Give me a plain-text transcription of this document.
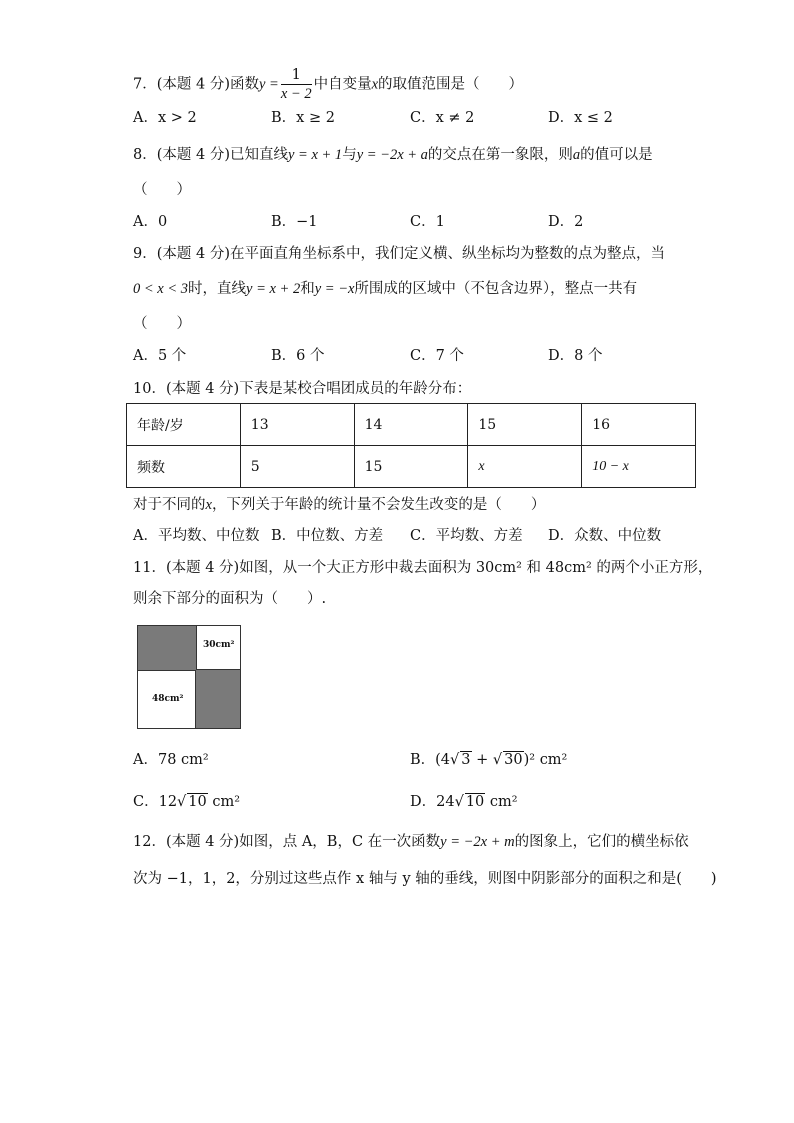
7．(本题 4 分)函数$y = \frac{1}{x - 2}$ 中自变量x的取值范围是（　　）
A．x > 2	B．x ≥ 2	C．x ≠ 2	D．x ≤ 2
8．(本题 4 分)已知直线y = x + 1与y = −2x + a的交点在第一象限，则a的值可以是
（　　）
A．0	B．−1	C．1	D．2
9．(本题 4 分)在平面直角坐标系中，我们定义横、纵坐标均为整数的点为整点，当
0 < x < 3时，直线y = x + 2和y = −x所围成的区域中（不包含边界），整点一共有
（　　）
A．5 个	B．6 个	C．7 个	D．8 个
10．(本题 4 分)下表是某校合唱团成员的年龄分布：
年龄/岁	13	14	15	16
频数	5	15	x	10 − x
对于不同的x，下列关于年龄的统计量不会发生改变的是（　　）
A．平均数、中位数 B．中位数、方差 C．平均数、方差 D．众数、中位数
11．(本题 4 分)如图，从一个大正方形中裁去面积为 30cm² 和 48cm² 的两个小正方形，
则余下部分的面积为（　　）.
30cm²
48cm²
A．78 cm²	B．(4√ 3 + √ 30)² cm²
C．12√ 10 cm²	D．24√ 10 cm²
12．(本题 4 分)如图，点 A，B，C 在一次函数y = −2x + m的图象上，它们的横坐标依
次为 −1，1，2，分别过这些点作 x 轴与 y 轴的垂线，则图中阴影部分的面积之和是(　　)
